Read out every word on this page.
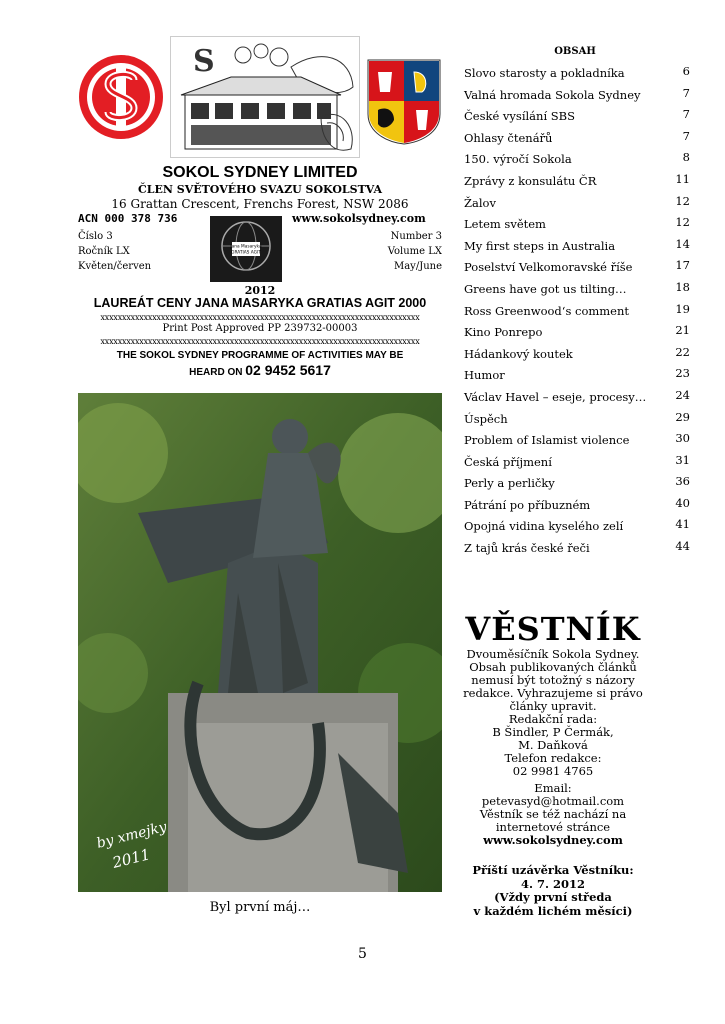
S
SOKOL SYDNEY LIMITED
ČLEN SVĚTOVÉHO SVAZU SOKOLSTVA
16 Grattan Crescent, Frenchs Forest, NSW 2086
ACN 000 378 736	www.sokolsydney.com
Číslo 3
Ročník LX
Květen/červen
Number 3
Volume LX
May/June
Jana Masaryka
GRATIAS AGIT
2012
LAUREÁT CENY JANA MASARYKA GRATIAS AGIT 2000
xxxxxxxxxxxxxxxxxxxxxxxxxxxxxxxxxxxxxxxxxxxxxxxxxxxxxxxxxxxxxxxxxxxxxxxxxx
Print Post Approved PP 239732-00003
xxxxxxxxxxxxxxxxxxxxxxxxxxxxxxxxxxxxxxxxxxxxxxxxxxxxxxxxxxxxxxxxxxxxxxxxxx
THE SOKOL SYDNEY PROGRAMME OF ACTIVITIES MAY BE
HEARD ON 02 9452 5617
by xmejky
2011
Byl první máj…
5
OBSAH
Slovo starosty a pokladníka	6
Valná hromada Sokola Sydney	7
České vysílání SBS	7
Ohlasy čtenářů	7
150. výročí Sokola	8
Zprávy z konsulátu ČR	11
Žalov	12
Letem světem	12
My first steps in Australia	14
Poselství Velkomoravské říše	17
Greens have got us tilting…	18
Ross Greenwood‘s comment	19
Kino Ponrepo	21
Hádankový koutek	22
Humor	23
Václav Havel – eseje, procesy…	24
Úspěch	29
Problem of Islamist violence	30
Česká příjmení	31
Perly a perličky	36
Pátrání po příbuzném	40
Opojná vidina kyselého zelí	41
Z tajů krás české řeči	44
VĚSTNÍK
Dvouměsíčník Sokola Sydney.
Obsah publikovaných článků nemusí být totožný s názory redakce. Vyhrazujeme si právo články upravit.
Redakční rada:
B Šindler, P Čermák,
M. Daňková
Telefon redakce:
02 9981 4765
Email:
petevasyd@hotmail.com
Věstník se též nachází na internetové stránce
www.sokolsydney.com
Příští uzávěrka Věstníku:
4. 7. 2012
(Vždy první středa
v každém lichém měsíci)
